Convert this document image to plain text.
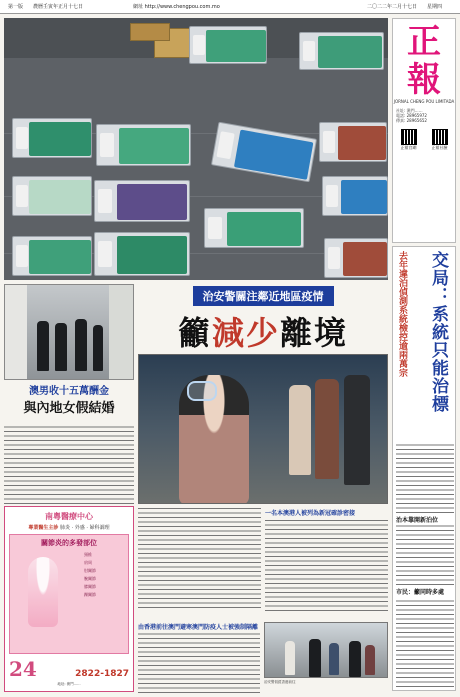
第一版 農曆壬寅年正月十七日	網址 http://www.chengpou.com.mo	二〇二二年二月十七日 星期四
正
報
JORNAL CHENG POU LIMITADA
社址: 澳門……
電話: 28965972
傳真: 28965652
正報官網	正報社臉
交局：系統只能治標
去年違泊偵測系統檢控逾兩萬宗
治本靠開新泊位
市民：籲同時多處
澳男收十五萬酬金
與內地女假結婚
南粵醫療中心
專業醫生主診 肺炎 · 外感 · 婦科調理
關節炎的多發部位
頸椎
肩周
肘關節
腕關節
膝關節
踝關節
24	2822-1827
地址: 澳門……
治安警關注鄰近地區疫情
籲減少離境
一名本澳港人被列為新冠確診密接
由香港前往澳門避寒澳門防疫人士被強制隔離
治安警員經香港前往
